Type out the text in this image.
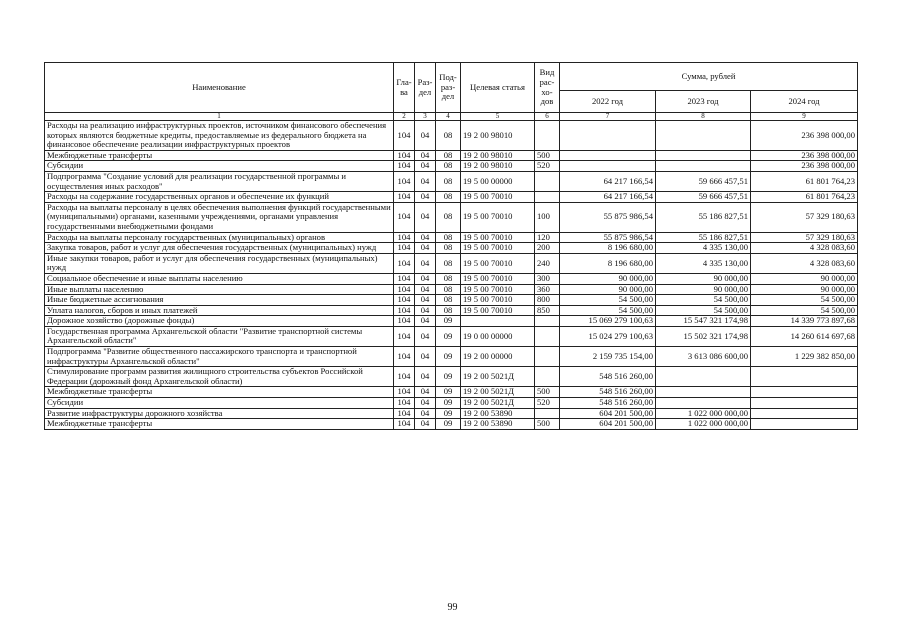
Наименование	Гла-ва	Раз-дел	Под-раз-дел	Целевая статья	Вид рас-хо-дов	Сумма, рублей		
						2022 год	2023 год	2024 год
1	2	3	4	5	6	7	8	9
Расходы на реализацию инфраструктурных проектов, источником финансового обеспечения которых являются бюджетные кредиты, предоставляемые из федерального бюджета на финансовое обеспечение реализации инфраструктурных проектов	104	04	08	19 2 00 98010				236 398 000,00
Межбюджетные трансферты	104	04	08	19 2 00 98010	500			236 398 000,00
Субсидии	104	04	08	19 2 00 98010	520			236 398 000,00
Подпрограмма "Создание условий для реализации государственной программы и осуществления иных расходов"	104	04	08	19 5 00 00000		64 217 166,54	59 666 457,51	61 801 764,23
Расходы на содержание государственных органов и обеспечение их функций	104	04	08	19 5 00 70010		64 217 166,54	59 666 457,51	61 801 764,23
Расходы на выплаты персоналу в целях обеспечения выполнения функций государственными (муниципальными) органами, казенными учреждениями, органами управления государственными внебюджетными фондами	104	04	08	19 5 00 70010	100	55 875 986,54	55 186 827,51	57 329 180,63
Расходы на выплаты персоналу государственных (муниципальных) органов	104	04	08	19 5 00 70010	120	55 875 986,54	55 186 827,51	57 329 180,63
Закупка товаров, работ и услуг для обеспечения государственных (муниципальных) нужд	104	04	08	19 5 00 70010	200	8 196 680,00	4 335 130,00	4 328 083,60
Иные закупки товаров, работ и услуг для обеспечения государственных (муниципальных) нужд	104	04	08	19 5 00 70010	240	8 196 680,00	4 335 130,00	4 328 083,60
Социальное обеспечение и иные выплаты населению	104	04	08	19 5 00 70010	300	90 000,00	90 000,00	90 000,00
Иные выплаты населению	104	04	08	19 5 00 70010	360	90 000,00	90 000,00	90 000,00
Иные бюджетные ассигнования	104	04	08	19 5 00 70010	800	54 500,00	54 500,00	54 500,00
Уплата налогов, сборов и иных платежей	104	04	08	19 5 00 70010	850	54 500,00	54 500,00	54 500,00
Дорожное хозяйство (дорожные фонды)	104	04	09			15 069 279 100,63	15 547 321 174,98	14 339 773 897,68
Государственная программа Архангельской области "Развитие транспортной системы Архангельской области"	104	04	09	19 0 00 00000		15 024 279 100,63	15 502 321 174,98	14 260 614 697,68
Подпрограмма "Развитие общественного пассажирского транспорта и транспортной инфраструктуры Архангельской области"	104	04	09	19 2 00 00000		2 159 735 154,00	3 613 086 600,00	1 229 382 850,00
Стимулирование программ развития жилищного строительства субъектов Российской Федерации (дорожный фонд Архангельской области)	104	04	09	19 2 00 5021Д		548 516 260,00		
Межбюджетные трансферты	104	04	09	19 2 00 5021Д	500	548 516 260,00		
Субсидии	104	04	09	19 2 00 5021Д	520	548 516 260,00		
Развитие инфраструктуры дорожного хозяйства	104	04	09	19 2 00 53890		604 201 500,00	1 022 000 000,00	
Межбюджетные трансферты	104	04	09	19 2 00 53890	500	604 201 500,00	1 022 000 000,00	
99
